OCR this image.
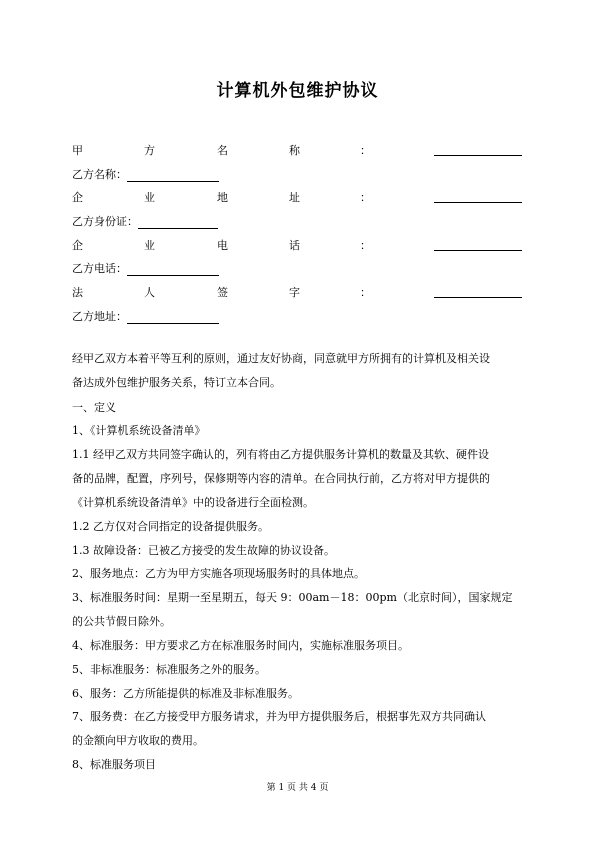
计算机外包维护协议
甲	方	名	称	：
乙方名称：
企	业	地	址	：
乙方身份证：
企	业	电	话	：
乙方电话：
法	人	签	字	：
乙方地址：
经甲乙双方本着平等互利的原则，通过友好协商，同意就甲方所拥有的计算机及相关设
备达成外包维护服务关系，特订立本合同。
一、定义
1、《计算机系统设备清单》
1.1 经甲乙双方共同签字确认的，列有将由乙方提供服务计算机的数量及其软、硬件设
备的品牌，配置，序列号，保修期等内容的清单。在合同执行前，乙方将对甲方提供的
《计算机系统设备清单》中的设备进行全面检测。
1.2 乙方仅对合同指定的设备提供服务。
1.3 故障设备：已被乙方接受的发生故障的协议设备。
2、服务地点：乙方为甲方实施各项现场服务时的具体地点。
3、标准服务时间：星期一至星期五，每天 9：00am－18：00pm（北京时间），国家规定
的公共节假日除外。
4、标准服务：甲方要求乙方在标准服务时间内，实施标准服务项目。
5、非标准服务：标准服务之外的服务。
6、服务：乙方所能提供的标准及非标准服务。
7、服务费：在乙方接受甲方服务请求，并为甲方提供服务后，根据事先双方共同确认
的金额向甲方收取的费用。
8、标准服务项目
第 1 页 共 4 页
